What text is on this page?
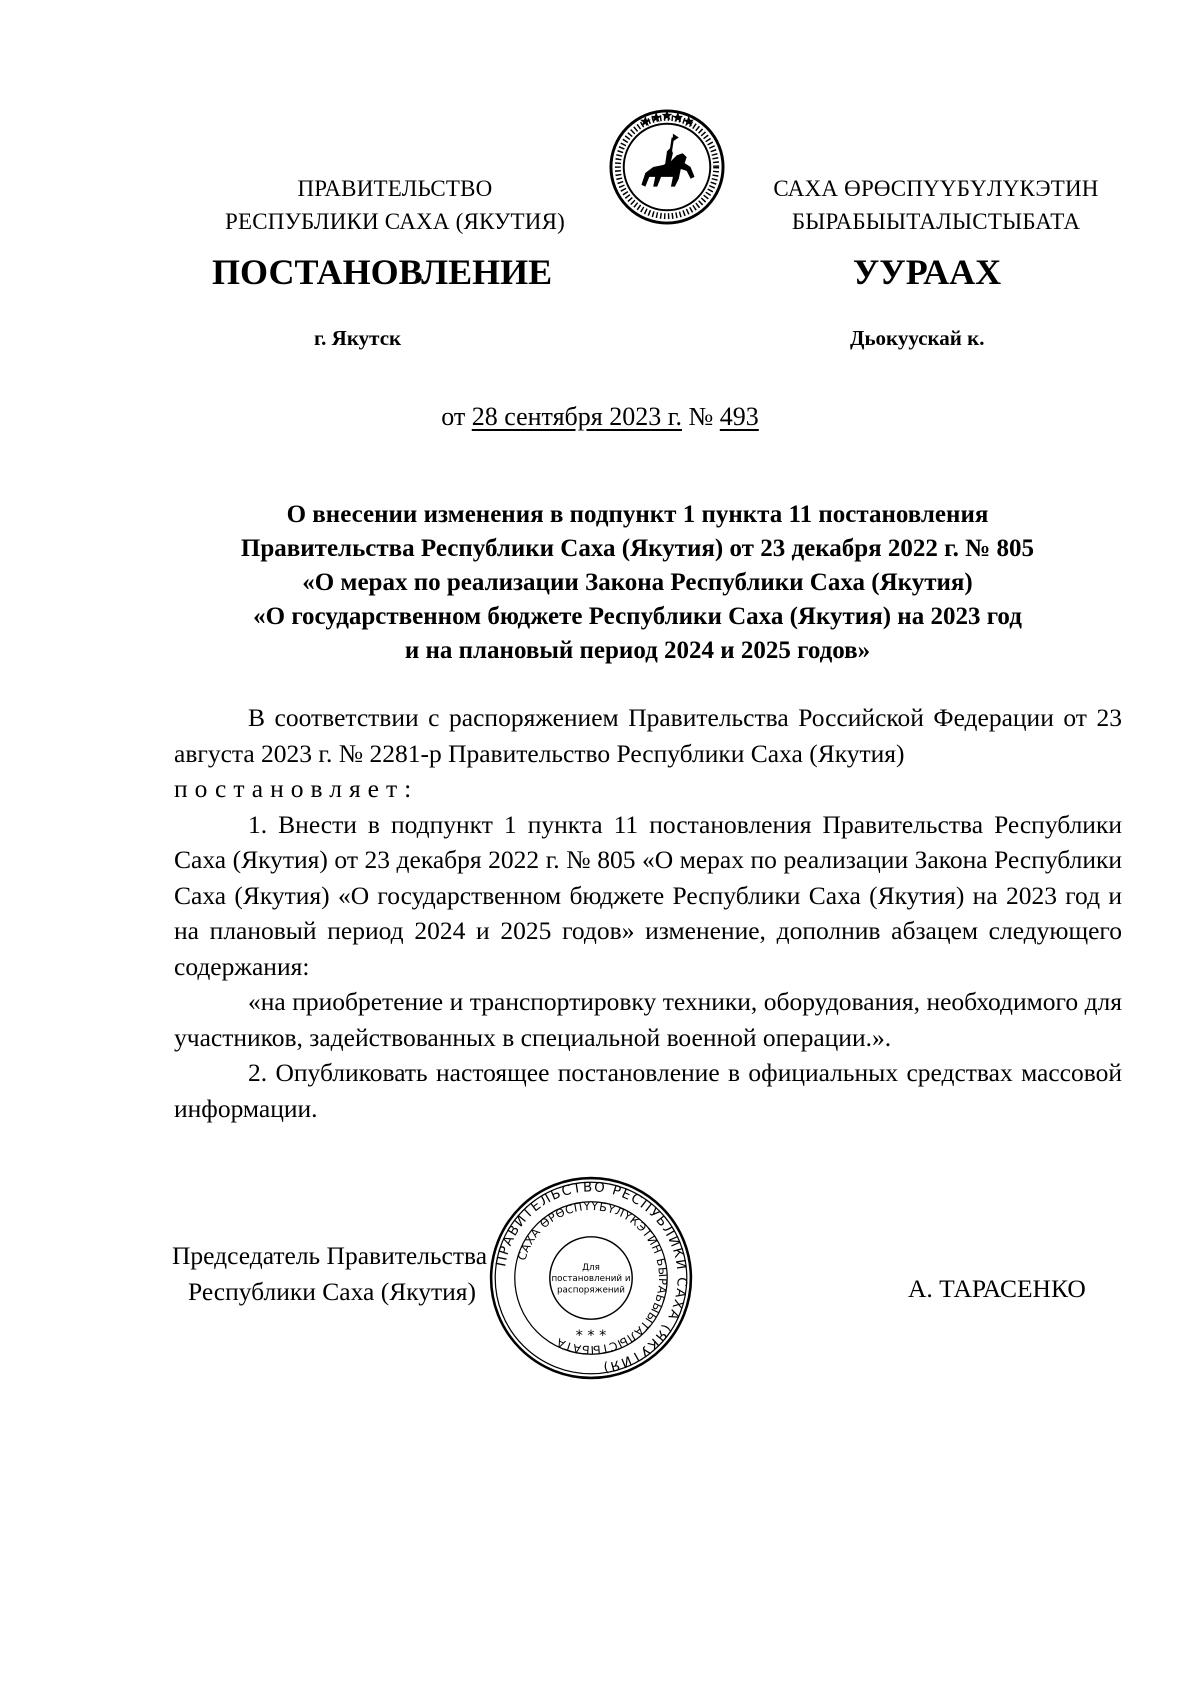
ПРАВИТЕЛЬСТВО
РЕСПУБЛИКИ САХА (ЯКУТИЯ)
САХА ӨРӨСПҮҮБҮЛҮКЭТИН
БЫРАБЫЫТАЛЫСТЫБАТА
ПОСТАНОВЛЕНИЕ	УУРААХ
г. Якутск	Дьокуускай к.
от 28 сентября 2023 г. № 493
О внесении изменения в подпункт 1 пункта 11 постановления
Правительства Республики Саха (Якутия) от 23 декабря 2022 г. № 805
«О мерах по реализации Закона Республики Саха (Якутия)
«О государственном бюджете Республики Саха (Якутия) на 2023 год
и на плановый период 2024 и 2025 годов»

В соответствии с распоряжением Правительства Российской Федерации от 23 августа 2023 г. № 2281-р Правительство Республики Саха (Якутия)

постановляет:

1. Внести в подпункт 1 пункта 11 постановления Правительства Республики Саха (Якутия) от 23 декабря 2022 г. № 805 «О мерах по реализации Закона Республики Саха (Якутия) «О государственном бюджете Республики Саха (Якутия) на 2023 год и на плановый период 2024 и 2025 годов» изменение, дополнив абзацем следующего содержания:

«на приобретение и транспортировку техники, оборудования, необходимого для участников, задействованных в специальной военной операции.».

2. Опубликовать настоящее постановление в официальных средствах массовой информации.

Председатель Правительства
Республики Саха (Якутия)	А. ТАРАСЕНКО
ПРАВИТЕЛЬСТВО РЕСПУБЛИКИ САХА (ЯКУТИЯ)
САХА ӨРӨСПҮҮБҮЛҮКЭТИН БЫРАБЫЫТАЛЫСТЫБАТА
Для
постановлений и
распоряжений
* * *
